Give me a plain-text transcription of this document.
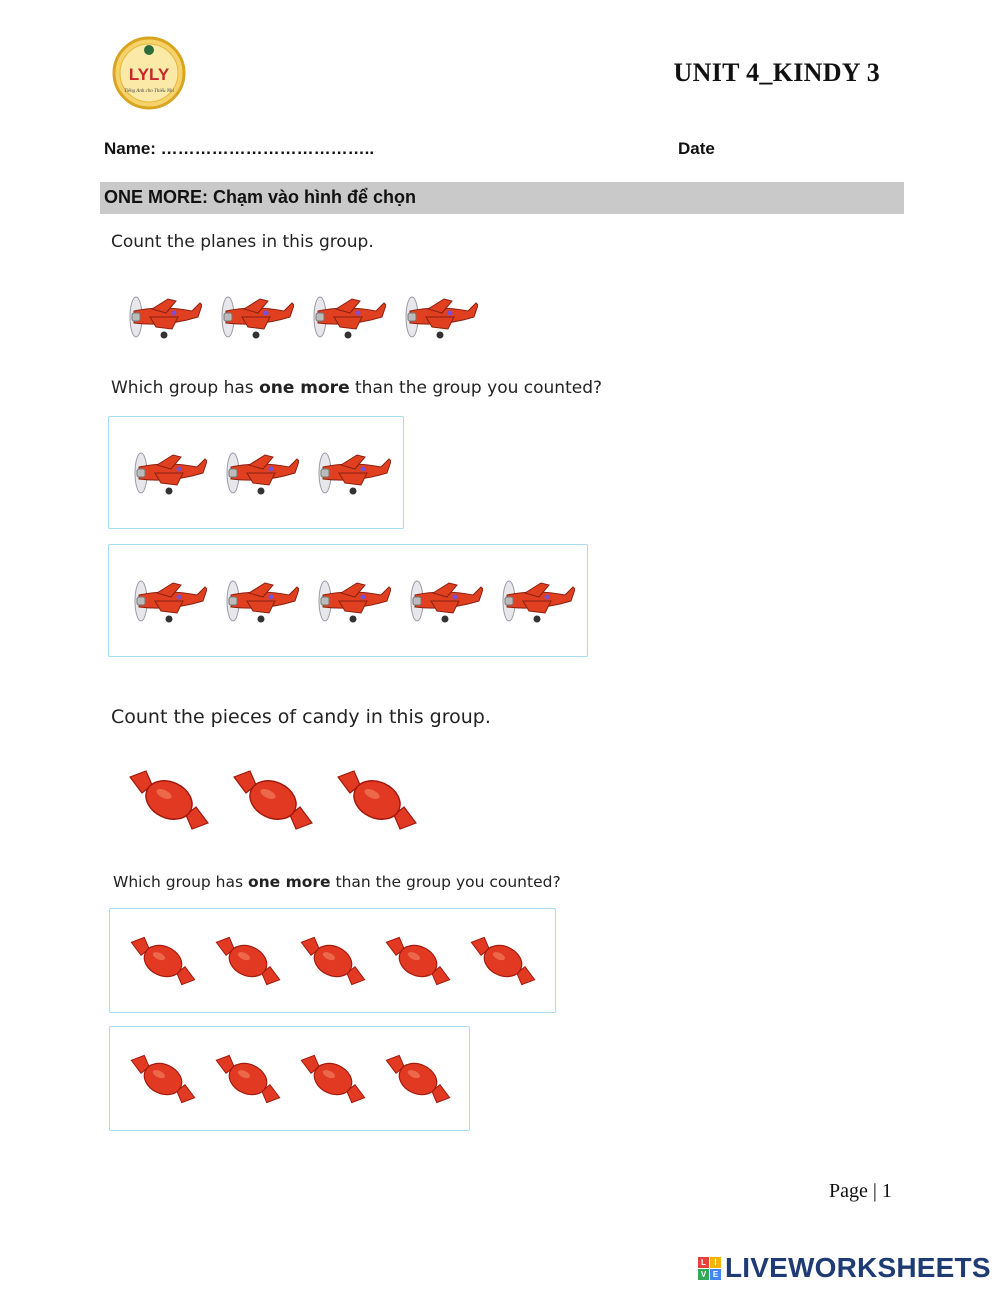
LYLY
Tiếng Anh cho Thiếu Nhi
UNIT 4_KINDY 3
Name: ………………………………..	Date
ONE MORE: Chạm vào hình để chọn
Count the planes in this group.
Which group has one more than the group you counted?
Count the pieces of candy in this group.
Which group has one more than the group you counted?
Page | 1
L	I
V E LIVEWORKSHEETS
